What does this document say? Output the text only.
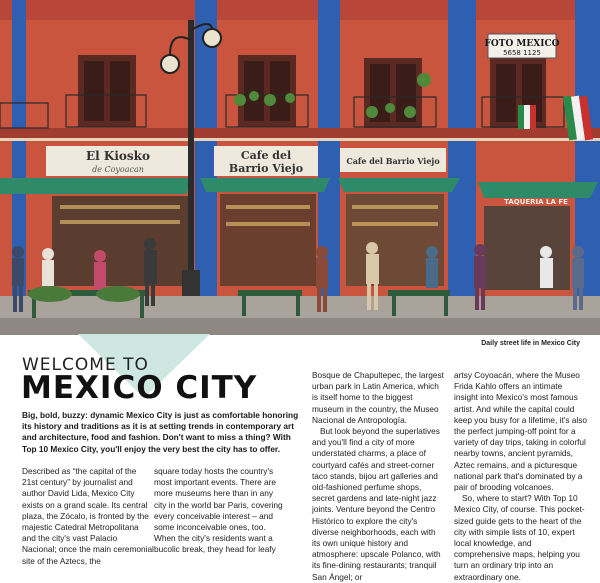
FOTO MEXICO
5658 1125
El Kiosko
de Coyoacan
Cafe del
Barrio Viejo
Cafe del Barrio Viejo
TAQUERIA LA FE
Daily street life in Mexico City
WELCOME TO
MEXICO CITY
Big, bold, buzzy: dynamic Mexico City is just as comfortable honoring its history and traditions as it is at setting trends in contemporary art and architecture, food and fashion. Don't want to miss a thing? With Top 10 Mexico City, you'll enjoy the very best the city has to offer.

Described as “the capital of the 21st century” by journalist and author David Lida, Mexico City exists on a grand scale. Its central plaza, the Zócalo, is fronted by the majestic Catedral Metropolitana and the city's vast Palacio Nacional; once the main ceremonial site of the Aztecs, the

square today hosts the country's most important events. There are more museums here than in any city in the world bar Paris, covering every conceivable interest – and some inconceivable ones, too. When the city's residents want a bucolic break, they head for leafy

Bosque de Chapultepec, the largest urban park in Latin America, which is itself home to the biggest museum in the country, the Museo Nacional de Antropología.

But look beyond the superlatives and you'll find a city of more understated charms, a place of courtyard cafés and street-corner taco stands, bijou art galleries and old-fashioned perfume shops, secret gardens and late-night jazz joints. Venture beyond the Centro Histórico to explore the city's diverse neighborhoods, each with its own unique history and atmosphere: upscale Polanco, with its fine-dining restaurants; tranquil San Ángel; or

artsy Coyoacán, where the Museo Frida Kahlo offers an intimate insight into Mexico's most famous artist. And while the capital could keep you busy for a lifetime, it's also the perfect jumping-off point for a variety of day trips, taking in colorful nearby towns, ancient pyramids, Aztec remains, and a picturesque national park that's dominated by a pair of brooding volcanoes.

So, where to start? With Top 10 Mexico City, of course. This pocket-sized guide gets to the heart of the city with simple lists of 10, expert local knowledge, and comprehensive maps, helping you turn an ordinary trip into an extraordinary one.
